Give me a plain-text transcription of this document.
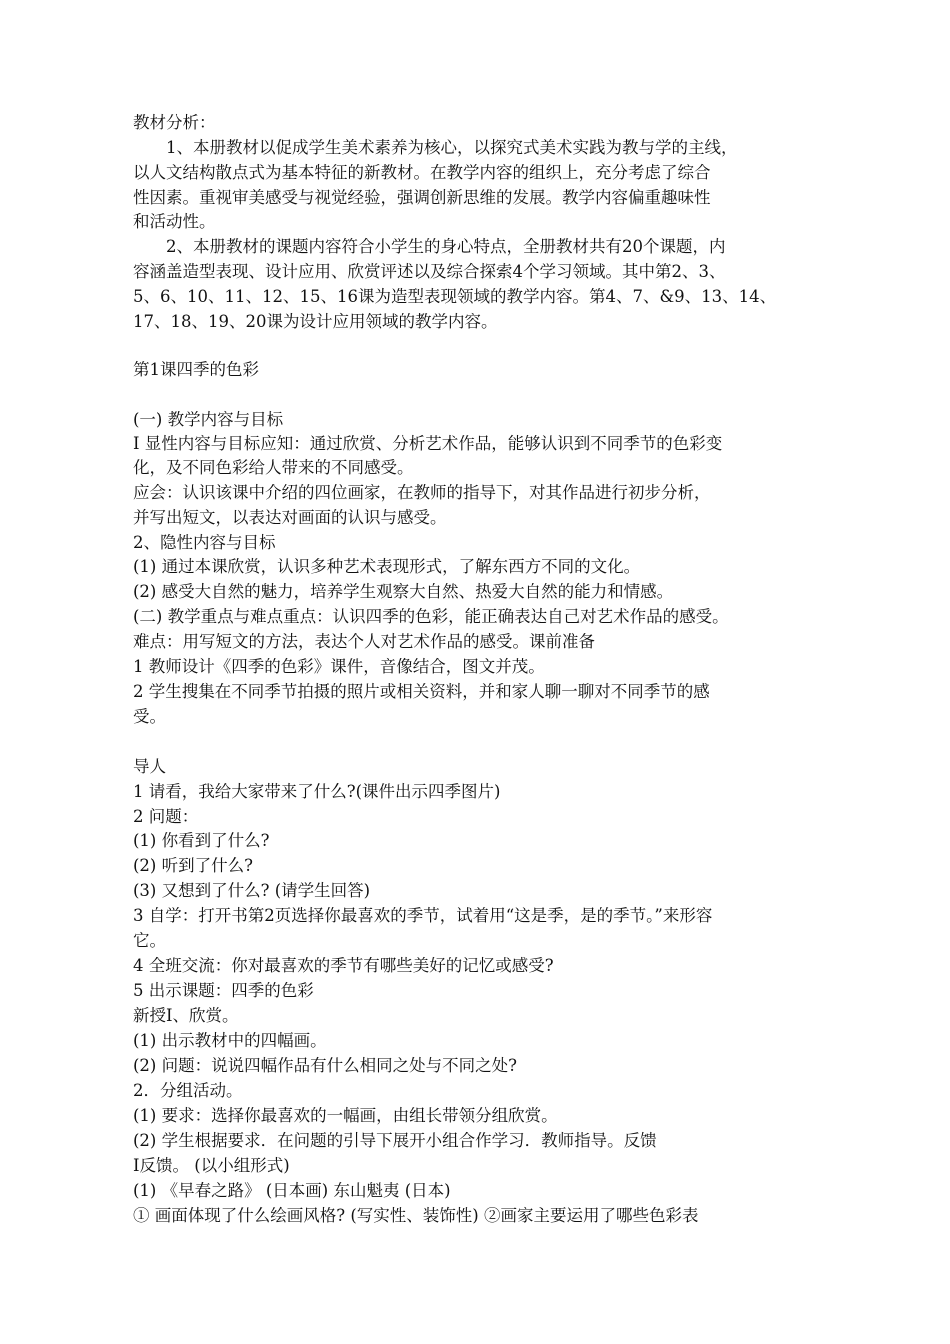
教材分析：
1、本册教材以促成学生美术素养为核心，以探究式美术实践为教与学的主线，
以人文结构散点式为基本特征的新教材。在教学内容的组织上，充分考虑了综合
性因素。重视审美感受与视觉经验，强调创新思维的发展。教学内容偏重趣味性
和活动性。
2、本册教材的课题内容符合小学生的身心特点，全册教材共有20个课题，内
容涵盖造型表现、设计应用、欣赏评述以及综合探索4个学习领域。其中第2、3、
5、6、10、11、12、15、16课为造型表现领域的教学内容。第4、7、&9、13、14、
17、18、19、20课为设计应用领域的教学内容。
第1课四季的色彩
(一) 教学内容与目标
I 显性内容与目标应知：通过欣赏、分析艺术作品，能够认识到不同季节的色彩变
化，及不同色彩给人带来的不同感受。
应会：认识该课中介绍的四位画家，在教师的指导下，对其作品进行初步分析，
并写出短文，以表达对画面的认识与感受。
2、隐性内容与目标
(1) 通过本课欣赏，认识多种艺术表现形式，了解东西方不同的文化。
(2) 感受大自然的魅力，培养学生观察大自然、热爱大自然的能力和情感。
(二) 教学重点与难点重点：认识四季的色彩，能正确表达自己对艺术作品的感受。
难点：用写短文的方法，表达个人对艺术作品的感受。课前准备
1 教师设计《四季的色彩》课件，音像结合，图文并茂。
2 学生搜集在不同季节拍摄的照片或相关资料，并和家人聊一聊对不同季节的感
受。
导人
1 请看，我给大家带来了什么?(课件出示四季图片)
2 问题：
(1) 你看到了什么?
(2) 听到了什么?
(3) 又想到了什么? (请学生回答)
3 自学：打开书第2页选择你最喜欢的季节，试着用“这是季，是的季节。”来形容
它。
4 全班交流：你对最喜欢的季节有哪些美好的记忆或感受?
5 出示课题：四季的色彩
新授I、欣赏。
(1) 出示教材中的四幅画。
(2) 问题：说说四幅作品有什么相同之处与不同之处?
2．分组活动。
(1) 要求：选择你最喜欢的一幅画，由组长带领分组欣赏。
(2) 学生根据要求．在问题的引导下展开小组合作学习．教师指导。反馈
I反馈。 (以小组形式)
(1) 《早春之路》 (日本画) 东山魁夷 (日本)
① 画面体现了什么绘画风格? (写实性、装饰性) ②画家主要运用了哪些色彩表
